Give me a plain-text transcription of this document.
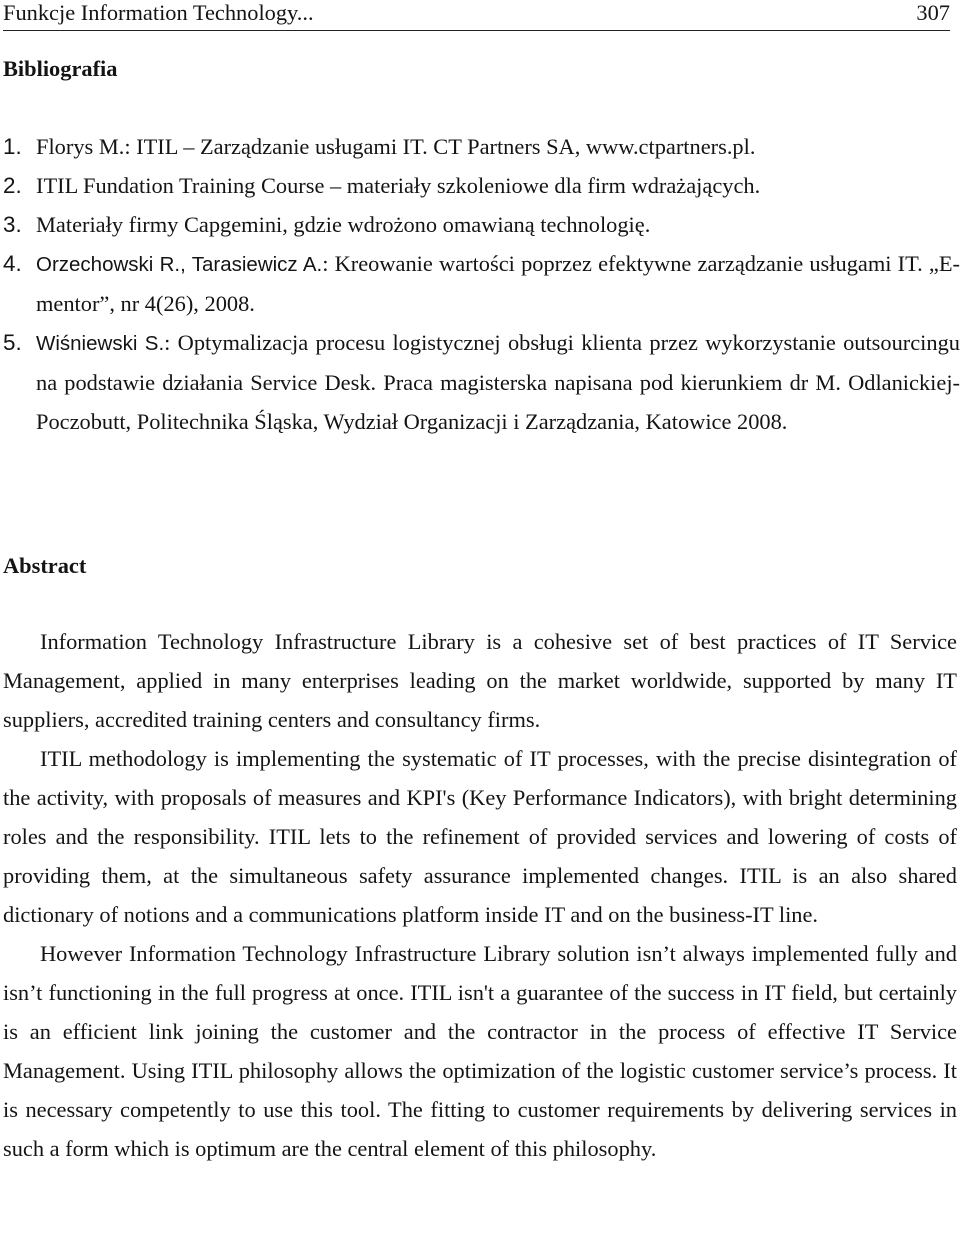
Funkcje Information Technology...	307
Bibliografia
1. Florys M.: ITIL – Zarządzanie usługami IT. CT Partners SA, www.ctpartners.pl.
2. ITIL Fundation Training Course – materiały szkoleniowe dla firm wdrażających.
3. Materiały firmy Capgemini, gdzie wdrożono omawianą technologię.
4. Orzechowski R., Tarasiewicz A.: Kreowanie wartości poprzez efektywne zarządzanie usługami IT. „E-mentor”, nr 4(26), 2008.
5. Wiśniewski S.: Optymalizacja procesu logistycznej obsługi klienta przez wykorzystanie outsourcingu na podstawie działania Service Desk. Praca magisterska napisana pod kierunkiem dr M. Odlanickiej-Poczobutt, Politechnika Śląska, Wydział Organizacji i Zarządzania, Katowice 2008.
Abstract

Information Technology Infrastructure Library is a cohesive set of best practices of IT Service Management, applied in many enterprises leading on the market worldwide, supported by many IT suppliers, accredited training centers and consultancy firms.

ITIL methodology is implementing the systematic of IT processes, with the precise disintegration of the activity, with proposals of measures and KPI's (Key Performance Indicators), with bright determining roles and the responsibility. ITIL lets to the refinement of provided services and lowering of costs of providing them, at the simultaneous safety assurance implemented changes. ITIL is an also shared dictionary of notions and a communications platform inside IT and on the business-IT line.

However Information Technology Infrastructure Library solution isn’t always implemented fully and isn’t functioning in the full progress at once. ITIL isn't a guarantee of the success in IT field, but certainly is an efficient link joining the customer and the contractor in the process of effective IT Service Management. Using ITIL philosophy allows the optimization of the logistic customer service’s process. It is necessary competently to use this tool. The fitting to customer requirements by delivering services in such a form which is optimum are the central element of this philosophy.
